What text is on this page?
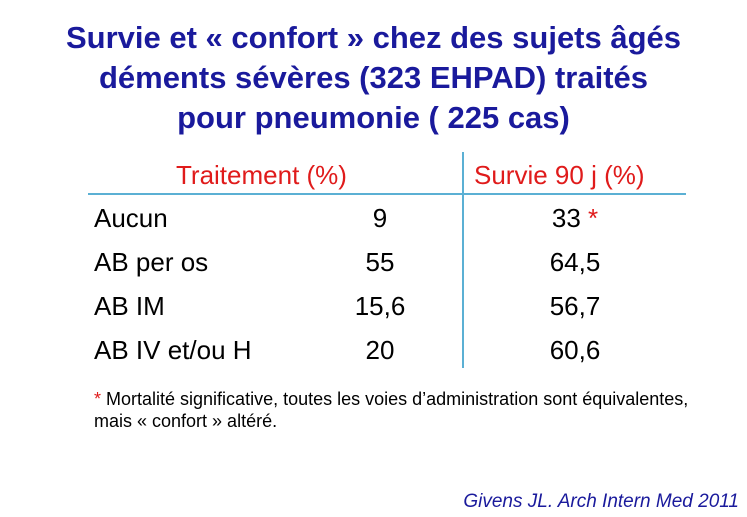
Survie et « confort » chez des sujets âgés
déments sévères (323 EHPAD) traités
pour pneumonie ( 225 cas)
Traitement (%)	Survie 90 j (%)
Aucun	9	33 *
AB per os	55	64,5
AB IM	15,6	56,7
AB IV et/ou H	20	60,6
* Mortalité significative, toutes les voies d’administration sont équivalentes, mais « confort » altéré.
Givens JL. Arch Intern Med 2011
